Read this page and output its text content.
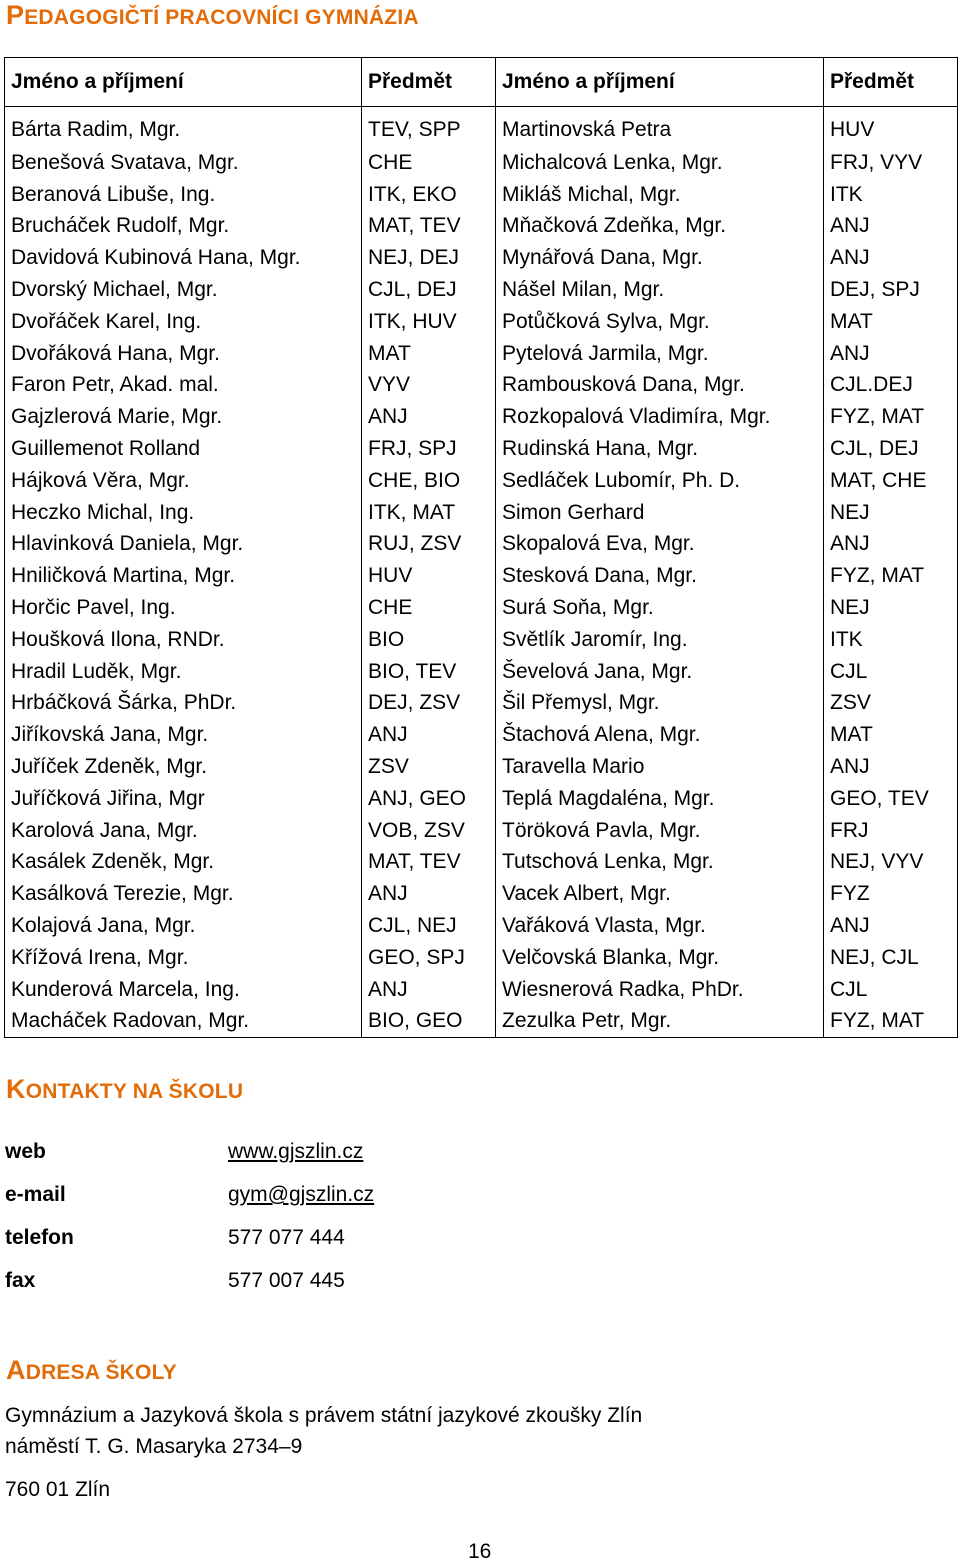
PEDAGOGIČTÍ PRACOVNÍCI GYMNÁZIA
Jméno a příjmení	Předmět	Jméno a příjmení	Předmět
Bárta Radim, Mgr.	TEV, SPP	Martinovská Petra	HUV
Benešová Svatava, Mgr.	CHE	Michalcová Lenka, Mgr.	FRJ, VYV
Beranová Libuše, Ing.	ITK, EKO	Mikláš Michal, Mgr.	ITK
Brucháček Rudolf, Mgr.	MAT, TEV	Mňačková Zdeňka, Mgr.	ANJ
Davidová Kubinová Hana, Mgr.	NEJ, DEJ	Mynářová Dana, Mgr.	ANJ
Dvorský Michael, Mgr.	CJL, DEJ	Nášel Milan, Mgr.	DEJ, SPJ
Dvořáček Karel, Ing.	ITK, HUV	Potůčková Sylva, Mgr.	MAT
Dvořáková Hana, Mgr.	MAT	Pytelová Jarmila, Mgr.	ANJ
Faron Petr, Akad. mal.	VYV	Rambousková Dana, Mgr.	CJL.DEJ
Gajzlerová Marie, Mgr.	ANJ	Rozkopalová Vladimíra, Mgr.	FYZ, MAT
Guillemenot Rolland	FRJ, SPJ	Rudinská Hana, Mgr.	CJL, DEJ
Hájková Věra, Mgr.	CHE, BIO	Sedláček Lubomír, Ph. D.	MAT, CHE
Heczko Michal, Ing.	ITK, MAT	Simon Gerhard	NEJ
Hlavinková Daniela, Mgr.	RUJ, ZSV	Skopalová Eva, Mgr.	ANJ
Hniličková Martina, Mgr.	HUV	Stesková Dana, Mgr.	FYZ, MAT
Horčic Pavel, Ing.	CHE	Surá Soňa, Mgr.	NEJ
Houšková Ilona, RNDr.	BIO	Světlík Jaromír, Ing.	ITK
Hradil Luděk, Mgr.	BIO, TEV	Ševelová Jana, Mgr.	CJL
Hrbáčková Šárka, PhDr.	DEJ, ZSV	Šil Přemysl, Mgr.	ZSV
Jiříkovská Jana, Mgr.	ANJ	Štachová Alena, Mgr.	MAT
Juříček Zdeněk, Mgr.	ZSV	Taravella Mario	ANJ
Juříčková Jiřina, Mgr	ANJ, GEO	Teplá Magdaléna, Mgr.	GEO, TEV
Karolová Jana, Mgr.	VOB, ZSV	Töröková Pavla, Mgr.	FRJ
Kasálek Zdeněk, Mgr.	MAT, TEV	Tutschová Lenka, Mgr.	NEJ, VYV
Kasálková Terezie, Mgr.	ANJ	Vacek Albert, Mgr.	FYZ
Kolajová Jana, Mgr.	CJL, NEJ	Vařáková Vlasta, Mgr.	ANJ
Křížová Irena, Mgr.	GEO, SPJ	Velčovská Blanka, Mgr.	NEJ, CJL
Kunderová Marcela, Ing.	ANJ	Wiesnerová Radka, PhDr.	CJL
Macháček Radovan, Mgr.	BIO, GEO	Zezulka Petr, Mgr.	FYZ, MAT
KONTAKTY NA ŠKOLU
web	www.gjszlin.cz
e-mail	gym@gjszlin.cz
telefon	577 077 444
fax	577 007 445
ADRESA ŠKOLY
Gymnázium a Jazyková škola s právem státní jazykové zkoušky Zlín
náměstí T. G. Masaryka 2734–9
760 01 Zlín
16
